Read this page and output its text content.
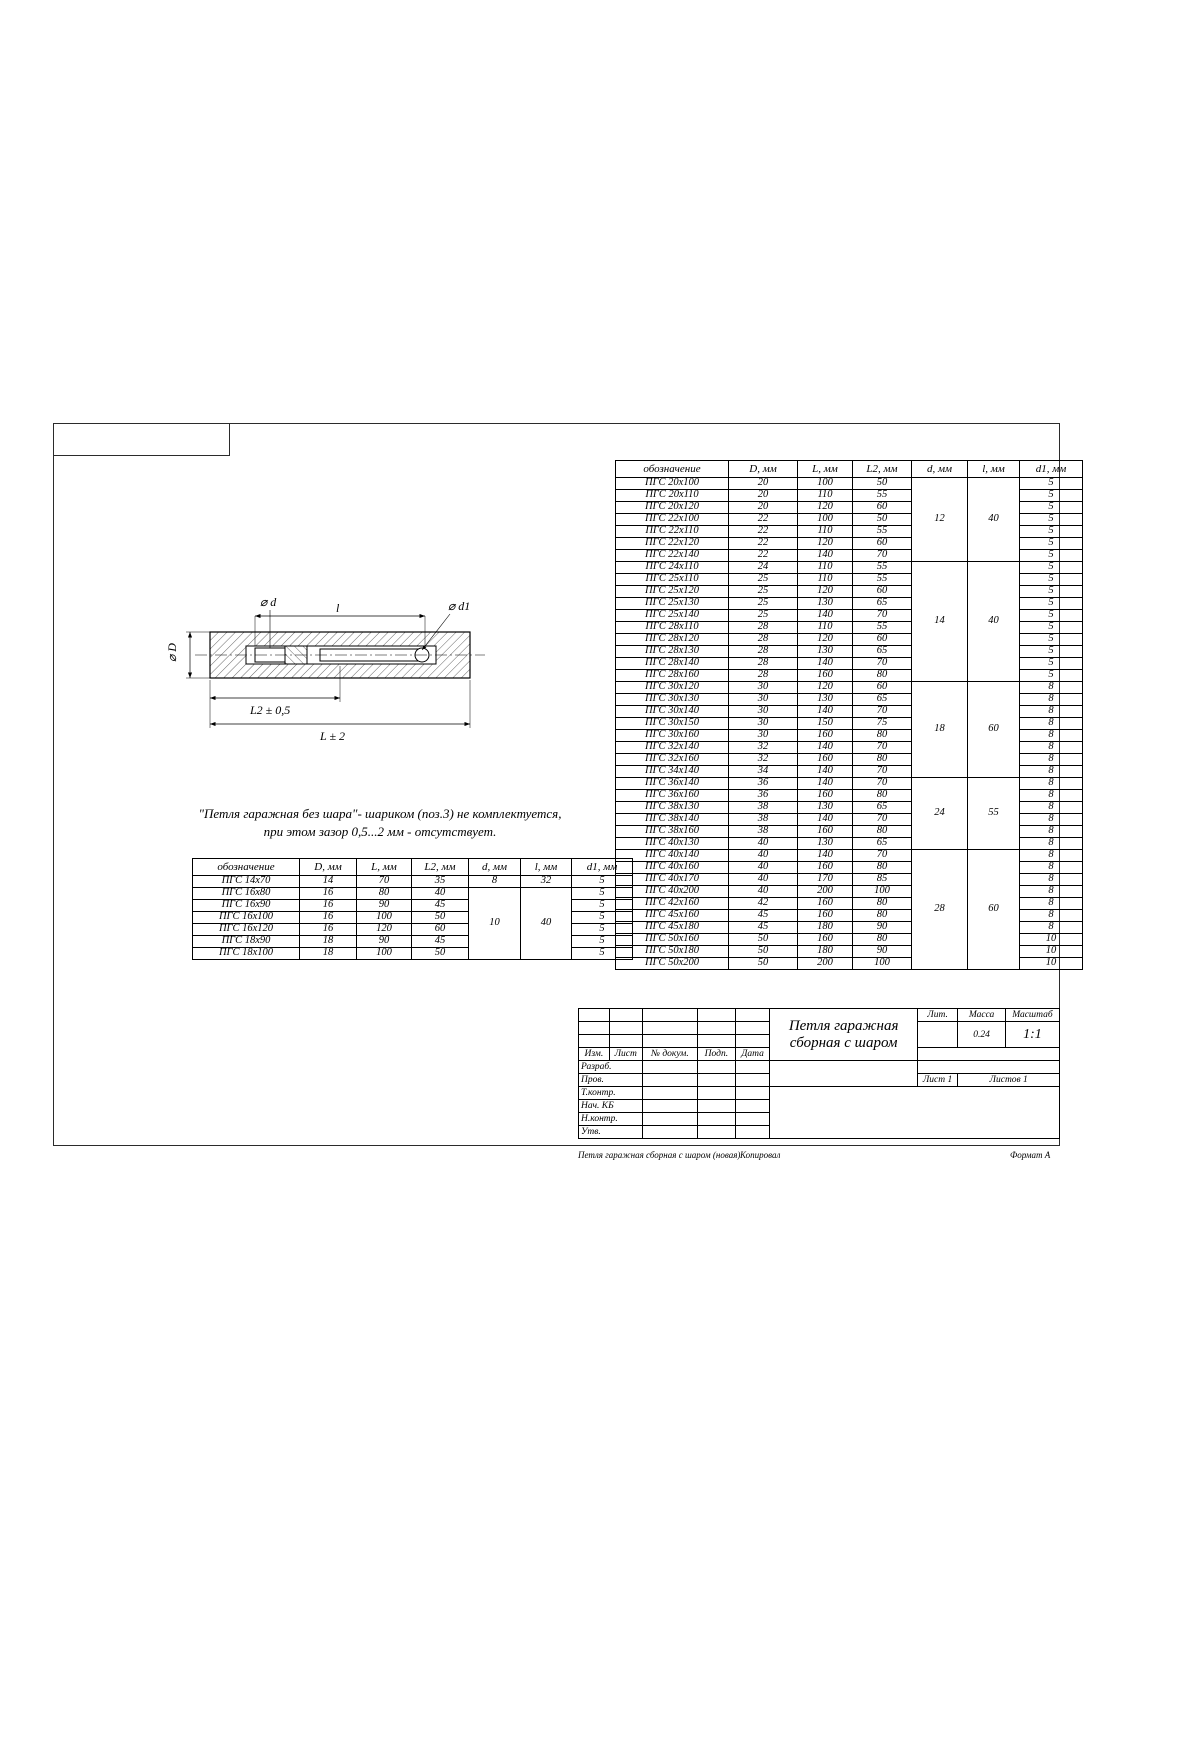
⌀ D
⌀ d	⌀ d1
l
L2 ± 0,5
L ± 2
"Петля гаражная без шара"- шариком (поз.3) не комплектуется,
при этом зазор 0,5...2 мм - отсутствует.
обозначение	D, мм	L, мм	L2, мм	d, мм	l, мм	d1, мм
ПГС 14х70	14	70	35	8	32	5
ПГС 16х80	16	80	40	10	40	5
ПГС 16х90	16	90	45			5
ПГС 16х100	16	100	50			5
ПГС 16х120	16	120	60			5
ПГС 18х90	18	90	45			5
ПГС 18х100	18	100	50			5
обозначение	D, мм	L, мм	L2, мм	d, мм	l, мм	d1, мм
ПГС 20х100	20	100	50	12	40	5
ПГС 20х110	20	110	55			5
ПГС 20х120	20	120	60			5
ПГС 22х100	22	100	50			5
ПГС 22х110	22	110	55			5
ПГС 22х120	22	120	60			5
ПГС 22х140	22	140	70			5
ПГС 24х110	24	110	55	14	40	5
ПГС 25х110	25	110	55			5
ПГС 25х120	25	120	60			5
ПГС 25х130	25	130	65			5
ПГС 25х140	25	140	70			5
ПГС 28х110	28	110	55			5
ПГС 28х120	28	120	60			5
ПГС 28х130	28	130	65			5
ПГС 28х140	28	140	70			5
ПГС 28х160	28	160	80			5
ПГС 30х120	30	120	60	18	60	8
ПГС 30х130	30	130	65			8
ПГС 30х140	30	140	70			8
ПГС 30х150	30	150	75			8
ПГС 30х160	30	160	80			8
ПГС 32х140	32	140	70			8
ПГС 32х160	32	160	80			8
ПГС 34х140	34	140	70			8
ПГС 36х140	36	140	70	24	55	8
ПГС 36х160	36	160	80			8
ПГС 38х130	38	130	65			8
ПГС 38х140	38	140	70			8
ПГС 38х160	38	160	80			8
ПГС 40х130	40	130	65			8
ПГС 40х140	40	140	70	28	60	8
ПГС 40х160	40	160	80			8
ПГС 40х170	40	170	85			8
ПГС 40х200	40	200	100			8
ПГС 42х160	42	160	80			8
ПГС 45х160	45	160	80			8
ПГС 45х180	45	180	90			8
ПГС 50х160	50	160	80			10
ПГС 50х180	50	180	90			10
ПГС 50х200	50	200	100			10

					Петля гаражная
сборная с шаром	Лит.	Масса	Масштаб
							0.24	1:1

Изм.	Лист	№ докум.	Подп.	Дата				
Разраб.								
Пров.						Лист 1	Листов 1	
Т.контр.								
Нач. КБ								
Н.контр.								
Утв.								
Петля гаражная сборная с шаром (новая) Копировал	Формат А
